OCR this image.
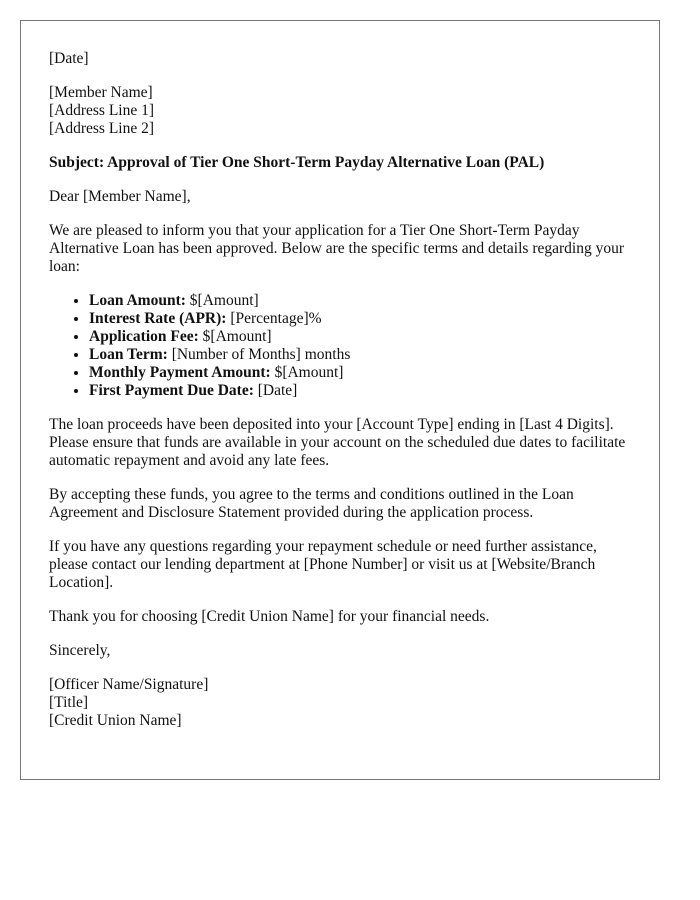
[Date]

[Member Name]
[Address Line 1]
[Address Line 2]

Subject: Approval of Tier One Short-Term Payday Alternative Loan (PAL)

Dear [Member Name],

We are pleased to inform you that your application for a Tier One Short-Term Payday Alternative Loan has been approved. Below are the specific terms and details regarding your loan:

• Loan Amount: $[Amount]
• Interest Rate (APR): [Percentage]%
• Application Fee: $[Amount]
• Loan Term: [Number of Months] months
• Monthly Payment Amount: $[Amount]
• First Payment Due Date: [Date]

The loan proceeds have been deposited into your [Account Type] ending in [Last 4 Digits]. Please ensure that funds are available in your account on the scheduled due dates to facilitate automatic repayment and avoid any late fees.

By accepting these funds, you agree to the terms and conditions outlined in the Loan Agreement and Disclosure Statement provided during the application process.

If you have any questions regarding your repayment schedule or need further assistance, please contact our lending department at [Phone Number] or visit us at [Website/Branch Location].

Thank you for choosing [Credit Union Name] for your financial needs.

Sincerely,

[Officer Name/Signature]
[Title]
[Credit Union Name]
